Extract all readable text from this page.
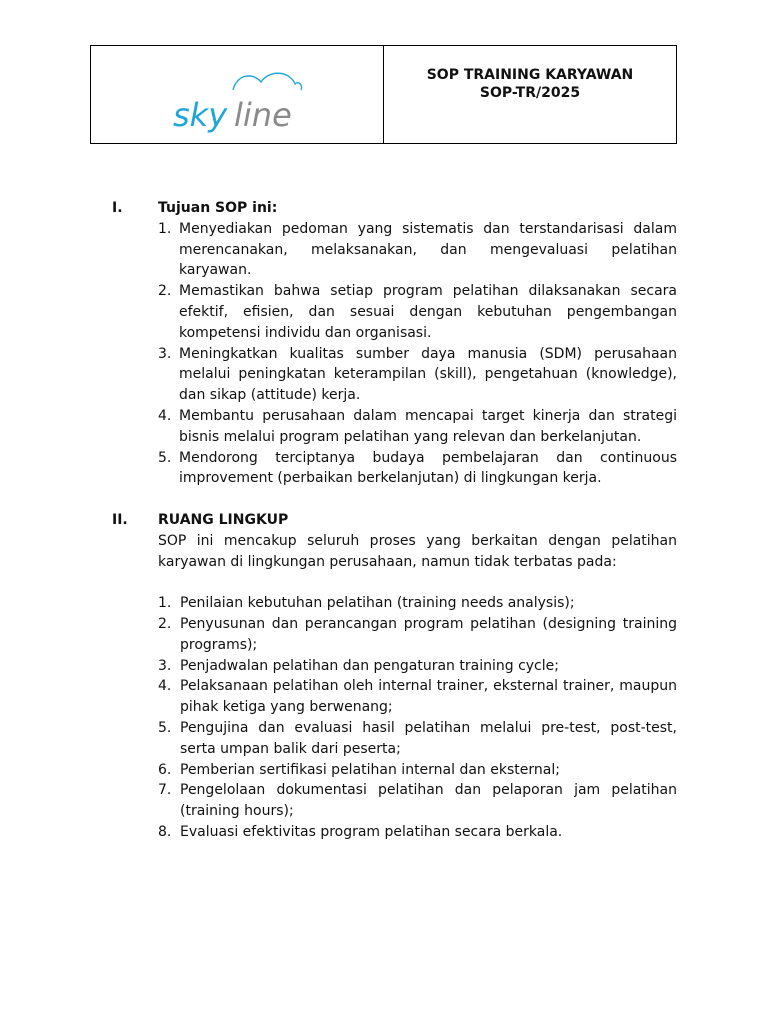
sky line
SOP TRAINING KARYAWAN
SOP-TR/2025
I.	Tujuan SOP ini:
1. Menyediakan pedoman yang sistematis dan terstandarisasi dalam merencanakan, melaksanakan, dan mengevaluasi pelatihan karyawan.
2. Memastikan bahwa setiap program pelatihan dilaksanakan secara efektif, efisien, dan sesuai dengan kebutuhan pengembangan kompetensi individu dan organisasi.
3. Meningkatkan kualitas sumber daya manusia (SDM) perusahaan melalui peningkatan keterampilan (skill), pengetahuan (knowledge), dan sikap (attitude) kerja.
4. Membantu perusahaan dalam mencapai target kinerja dan strategi bisnis melalui program pelatihan yang relevan dan berkelanjutan.
5. Mendorong terciptanya budaya pembelajaran dan continuous improvement (perbaikan berkelanjutan) di lingkungan kerja.
II. RUANG LINGKUP
SOP ini mencakup seluruh proses yang berkaitan dengan pelatihan karyawan di lingkungan perusahaan, namun tidak terbatas pada:
1. Penilaian kebutuhan pelatihan (training needs analysis);
2. Penyusunan dan perancangan program pelatihan (designing training programs);
3. Penjadwalan pelatihan dan pengaturan training cycle;
4. Pelaksanaan pelatihan oleh internal trainer, eksternal trainer, maupun pihak ketiga yang berwenang;
5. Pengujina dan evaluasi hasil pelatihan melalui pre-test, post-test, serta umpan balik dari peserta;
6. Pemberian sertifikasi pelatihan internal dan eksternal;
7. Pengelolaan dokumentasi pelatihan dan pelaporan jam pelatihan (training hours);
8. Evaluasi efektivitas program pelatihan secara berkala.
